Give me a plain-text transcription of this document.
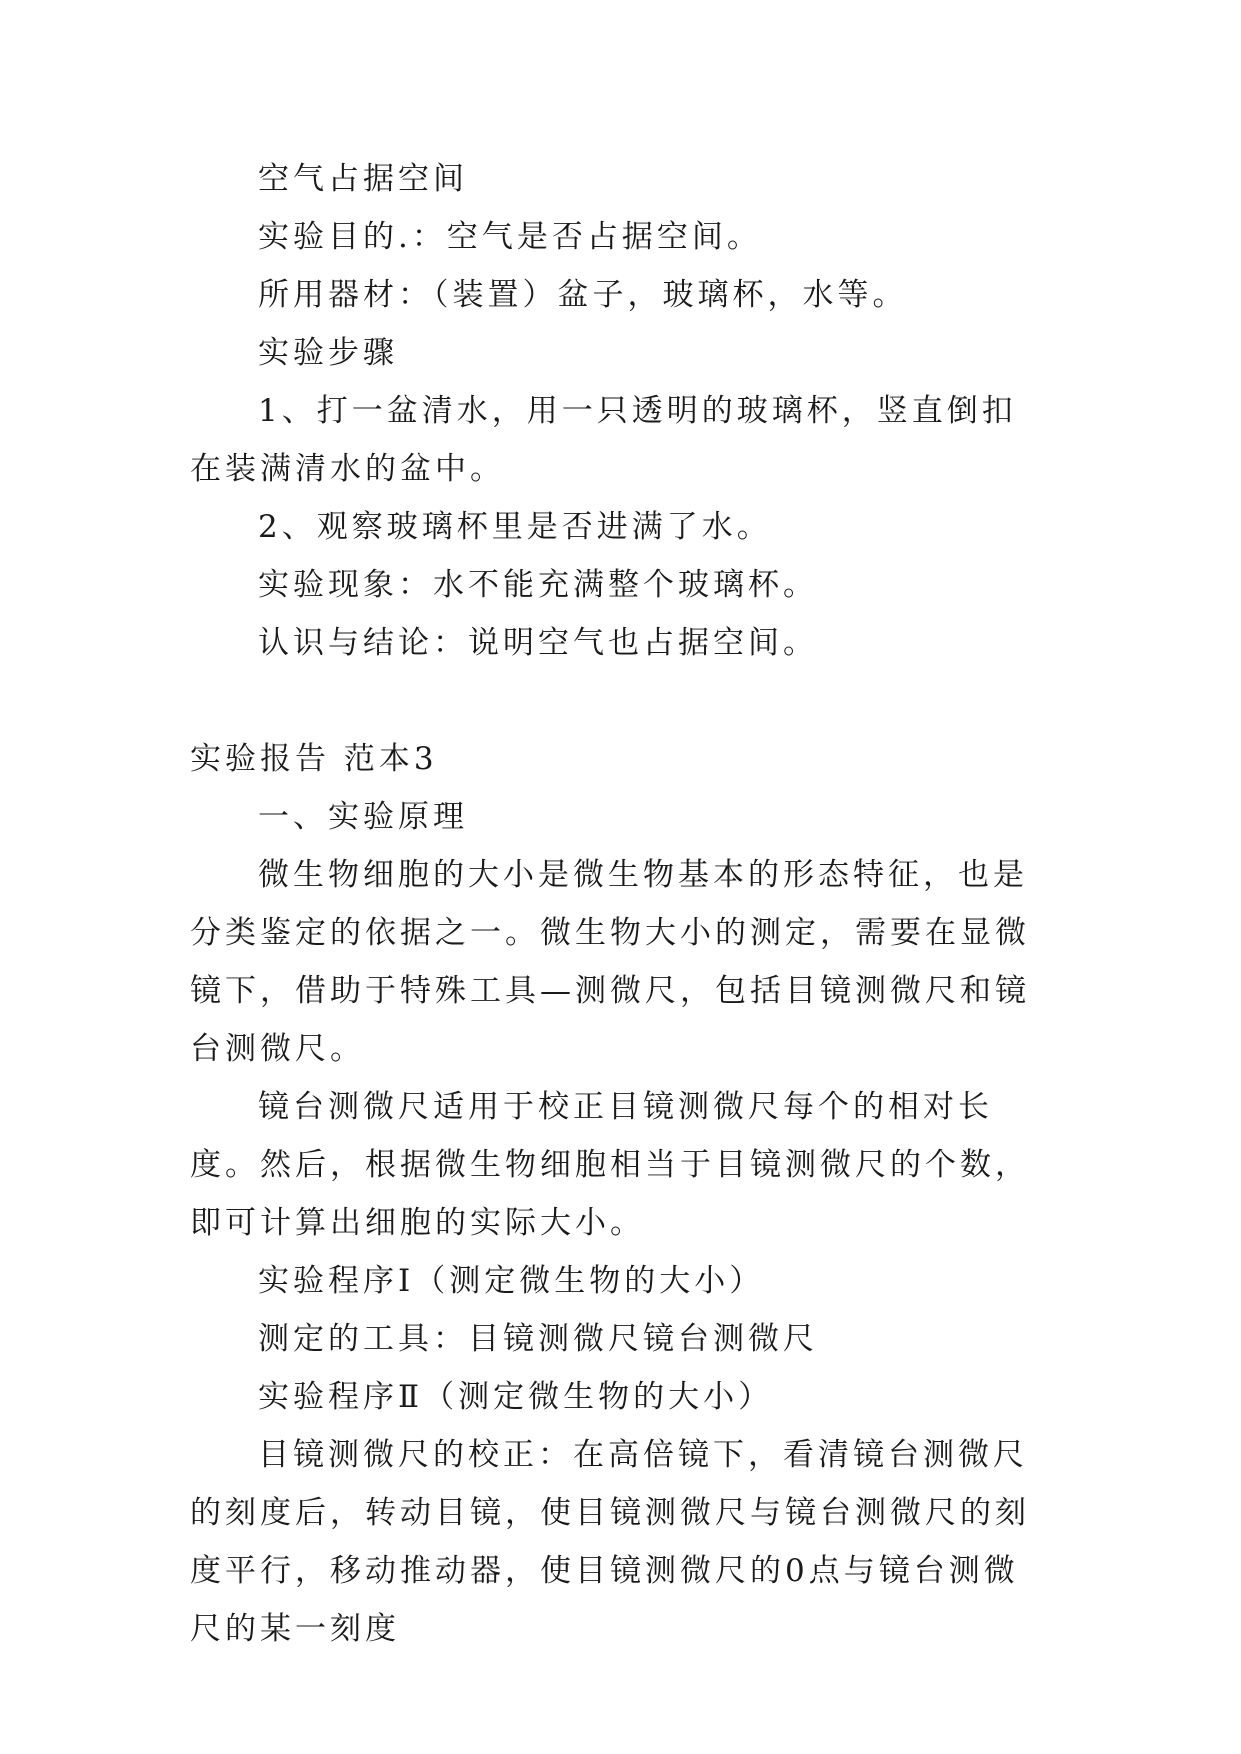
空气占据空间

实验目的.：空气是否占据空间。

所用器材：（装置）盆子，玻璃杯，水等。

实验步骤

1、打一盆清水，用一只透明的玻璃杯，竖直倒扣在装满清水的盆中。

2、观察玻璃杯里是否进满了水。

实验现象：水不能充满整个玻璃杯。

认识与结论：说明空气也占据空间。

实验报告 范本3

一、实验原理

微生物细胞的大小是微生物基本的形态特征，也是分类鉴定的依据之一。微生物大小的测定，需要在显微镜下，借助于特殊工具—测微尺，包括目镜测微尺和镜台测微尺。

镜台测微尺适用于校正目镜测微尺每个的相对长度。然后，根据微生物细胞相当于目镜测微尺的个数，即可计算出细胞的实际大小。

实验程序Ⅰ（测定微生物的大小）

测定的工具：目镜测微尺镜台测微尺

实验程序Ⅱ（测定微生物的大小）

目镜测微尺的校正：在高倍镜下，看清镜台测微尺的刻度后，转动目镜，使目镜测微尺与镜台测微尺的刻度平行，移动推动器，使目镜测微尺的0点与镜台测微尺的某一刻度
